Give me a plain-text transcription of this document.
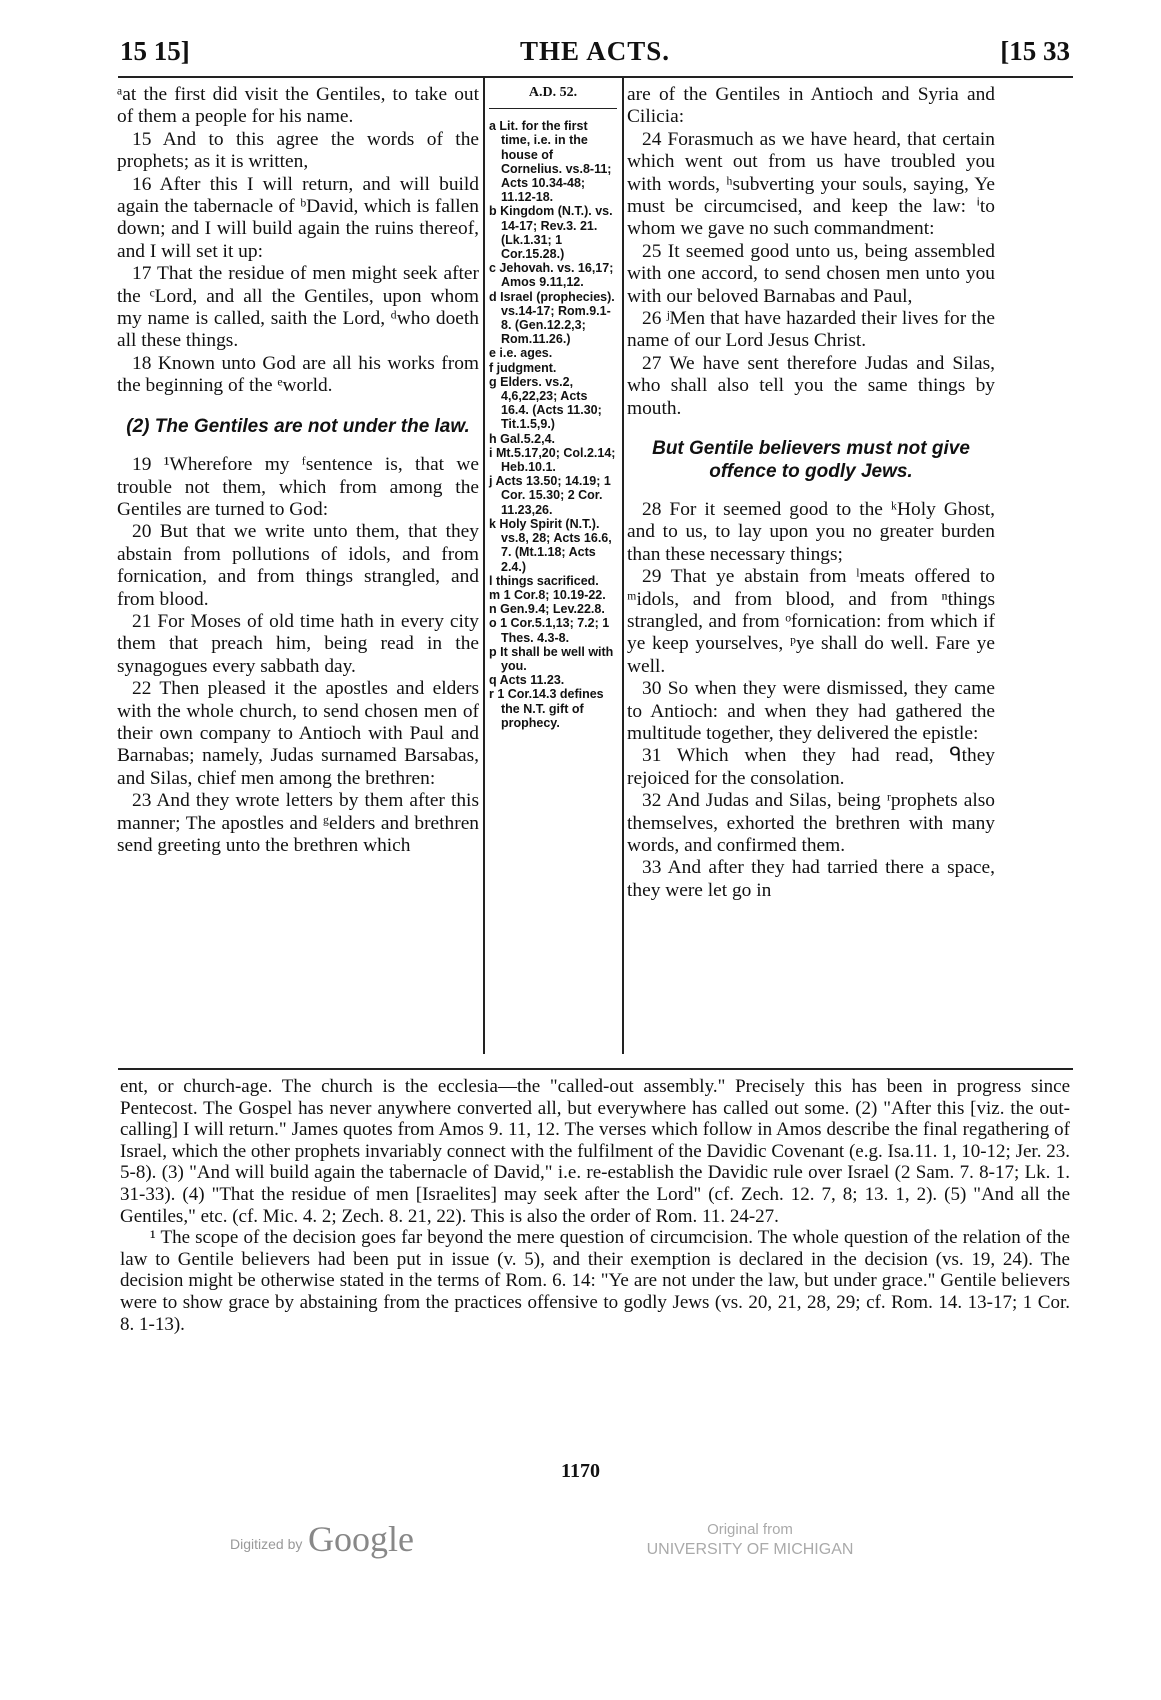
15 15]	THE ACTS.	[15 33

ᵃat the first did visit the Gentiles, to take out of them a people for his name.

15 And to this agree the words of the prophets; as it is written,

16 After this I will return, and will build again the tabernacle of ᵇDavid, which is fallen down; and I will build again the ruins thereof, and I will set it up:

17 That the residue of men might seek after the ᶜLord, and all the Gentiles, upon whom my name is called, saith the Lord, ᵈwho doeth all these things.

18 Known unto God are all his works from the beginning of the ᵉworld.

(2) The Gentiles are not under the law.

19 ¹Wherefore my ᶠsentence is, that we trouble not them, which from among the Gentiles are turned to God:

20 But that we write unto them, that they abstain from pollutions of idols, and from fornication, and from things strangled, and from blood.

21 For Moses of old time hath in every city them that preach him, being read in the synagogues every sabbath day.

22 Then pleased it the apostles and elders with the whole church, to send chosen men of their own company to Antioch with Paul and Barnabas; namely, Judas surnamed Barsabas, and Silas, chief men among the brethren:

23 And they wrote letters by them after this manner; The apostles and ᵍelders and brethren send greeting unto the brethren which

A.D. 52.

a Lit. for the first time, i.e. in the house of Cornelius. vs.8-11; Acts 10.34-48; 11.12-18.

b Kingdom (N.T.). vs. 14-17; Rev.3. 21. (Lk.1.31; 1 Cor.15.28.)

c Jehovah. vs. 16,17; Amos 9.11,12.

d Israel (prophecies). vs.14-17; Rom.9.1-8. (Gen.12.2,3; Rom.11.26.)

e i.e. ages.

f judgment.

g Elders. vs.2, 4,6,22,23; Acts 16.4. (Acts 11.30; Tit.1.5,9.)

h Gal.5.2,4.

i Mt.5.17,20; Col.2.14; Heb.10.1.

j Acts 13.50; 14.19; 1 Cor. 15.30; 2 Cor. 11.23,26.

k Holy Spirit (N.T.). vs.8, 28; Acts 16.6, 7. (Mt.1.18; Acts 2.4.)

l things sacrificed.

m 1 Cor.8; 10.19-22.

n Gen.9.4; Lev.22.8.

o 1 Cor.5.1,13; 7.2; 1 Thes. 4.3-8.

p It shall be well with you.

q Acts 11.23.

r 1 Cor.14.3 defines the N.T. gift of prophecy.

are of the Gentiles in Antioch and Syria and Cilicia:

24 Forasmuch as we have heard, that certain which went out from us have troubled you with words, ʰsubverting your souls, saying, Ye must be circumcised, and keep the law: ⁱto whom we gave no such commandment:

25 It seemed good unto us, being assembled with one accord, to send chosen men unto you with our beloved Barnabas and Paul,

26 ʲMen that have hazarded their lives for the name of our Lord Jesus Christ.

27 We have sent therefore Judas and Silas, who shall also tell you the same things by mouth.

But Gentile believers must not give offence to godly Jews.

28 For it seemed good to the ᵏHoly Ghost, and to us, to lay upon you no greater burden than these necessary things;

29 That ye abstain from ˡmeats offered to ᵐidols, and from blood, and from ⁿthings strangled, and from ᵒfornication: from which if ye keep yourselves, ᵖye shall do well. Fare ye well.

30 So when they were dismissed, they came to Antioch: and when they had gathered the multitude together, they delivered the epistle:

31 Which when they had read, ᑫthey rejoiced for the consolation.

32 And Judas and Silas, being ʳprophets also themselves, exhorted the brethren with many words, and confirmed them.

33 And after they had tarried there a space, they were let go in

ent, or church-age. The church is the ecclesia—the "called-out assembly." Precisely this has been in progress since Pentecost. The Gospel has never anywhere converted all, but everywhere has called out some. (2) "After this [viz. the out-calling] I will return." James quotes from Amos 9. 11, 12. The verses which follow in Amos describe the final regathering of Israel, which the other prophets invariably connect with the fulfilment of the Davidic Covenant (e.g. Isa.11. 1, 10-12; Jer. 23. 5-8). (3) "And will build again the tabernacle of David," i.e. re-establish the Davidic rule over Israel (2 Sam. 7. 8-17; Lk. 1. 31-33). (4) "That the residue of men [Israelites] may seek after the Lord" (cf. Zech. 12. 7, 8; 13. 1, 2). (5) "And all the Gentiles," etc. (cf. Mic. 4. 2; Zech. 8. 21, 22). This is also the order of Rom. 11. 24-27.

¹ The scope of the decision goes far beyond the mere question of circumcision. The whole question of the relation of the law to Gentile believers had been put in issue (v. 5), and their exemption is declared in the decision (vs. 19, 24). The decision might be otherwise stated in the terms of Rom. 6. 14: "Ye are not under the law, but under grace." Gentile believers were to show grace by abstaining from the practices offensive to godly Jews (vs. 20, 21, 28, 29; cf. Rom. 14. 13-17; 1 Cor. 8. 1-13).

1170
Digitized by Google	Original from
UNIVERSITY OF MICHIGAN
